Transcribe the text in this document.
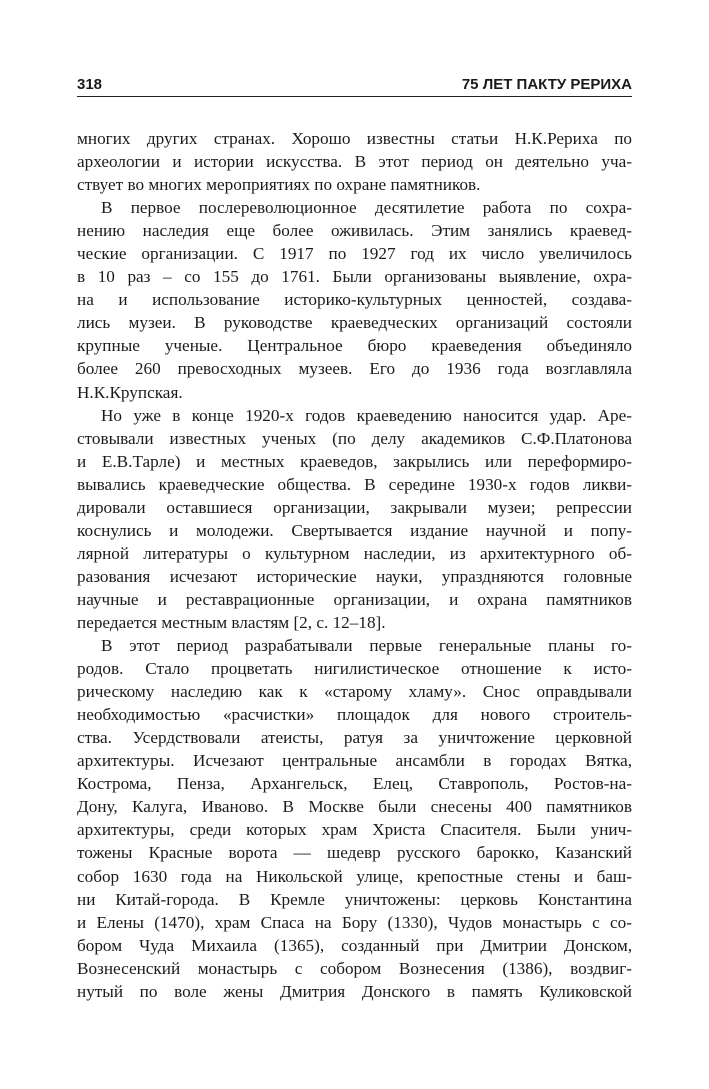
318	75 ЛЕТ ПАКТУ РЕРИХА
многих других странах. Хорошо известны статьи Н.К.Рериха по
археологии и истории искусства. В этот период он деятельно уча-
ствует во многих мероприятиях по охране памятников.
В первое послереволюционное десятилетие работа по сохра-
нению наследия еще более оживилась. Этим занялись краевед-
ческие организации. С 1917 по 1927 год их число увеличилось
в 10 раз – со 155 до 1761. Были организованы выявление, охра-
на и использование историко-культурных ценностей, создава-
лись музеи. В руководстве краеведческих организаций состояли
крупные ученые. Центральное бюро краеведения объединяло
более 260 превосходных музеев. Его до 1936 года возглавляла
Н.К.Крупская.
Но уже в конце 1920-х годов краеведению наносится удар. Аре-
стовывали известных ученых (по делу академиков С.Ф.Платонова
и Е.В.Тарле) и местных краеведов, закрылись или переформиро-
вывались краеведческие общества. В середине 1930-х годов ликви-
дировали оставшиеся организации, закрывали музеи; репрессии
коснулись и молодежи. Свертывается издание научной и попу-
лярной литературы о культурном наследии, из архитектурного об-
разования исчезают исторические науки, упраздняются головные
научные и реставрационные организации, и охрана памятников
передается местным властям [2, с. 12–18].
В этот период разрабатывали первые генеральные планы го-
родов. Стало процветать нигилистическое отношение к исто-
рическому наследию как к «старому хламу». Снос оправдывали
необходимостью «расчистки» площадок для нового строитель-
ства. Усердствовали атеисты, ратуя за уничтожение церковной
архитектуры. Исчезают центральные ансамбли в городах Вятка,
Кострома, Пенза, Архангельск, Елец, Ставрополь, Ростов-на-
Дону, Калуга, Иваново. В Москве были снесены 400 памятников
архитектуры, среди которых храм Христа Спасителя. Были унич-
тожены Красные ворота — шедевр русского барокко, Казанский
собор 1630 года на Никольской улице, крепостные стены и баш-
ни Китай-города. В Кремле уничтожены: церковь Константина
и Елены (1470), храм Спаса на Бору (1330), Чудов монастырь с со-
бором Чуда Михаила (1365), созданный при Дмитрии Донском,
Вознесенский монастырь с собором Вознесения (1386), воздвиг-
нутый по воле жены Дмитрия Донского в память Куликовской
